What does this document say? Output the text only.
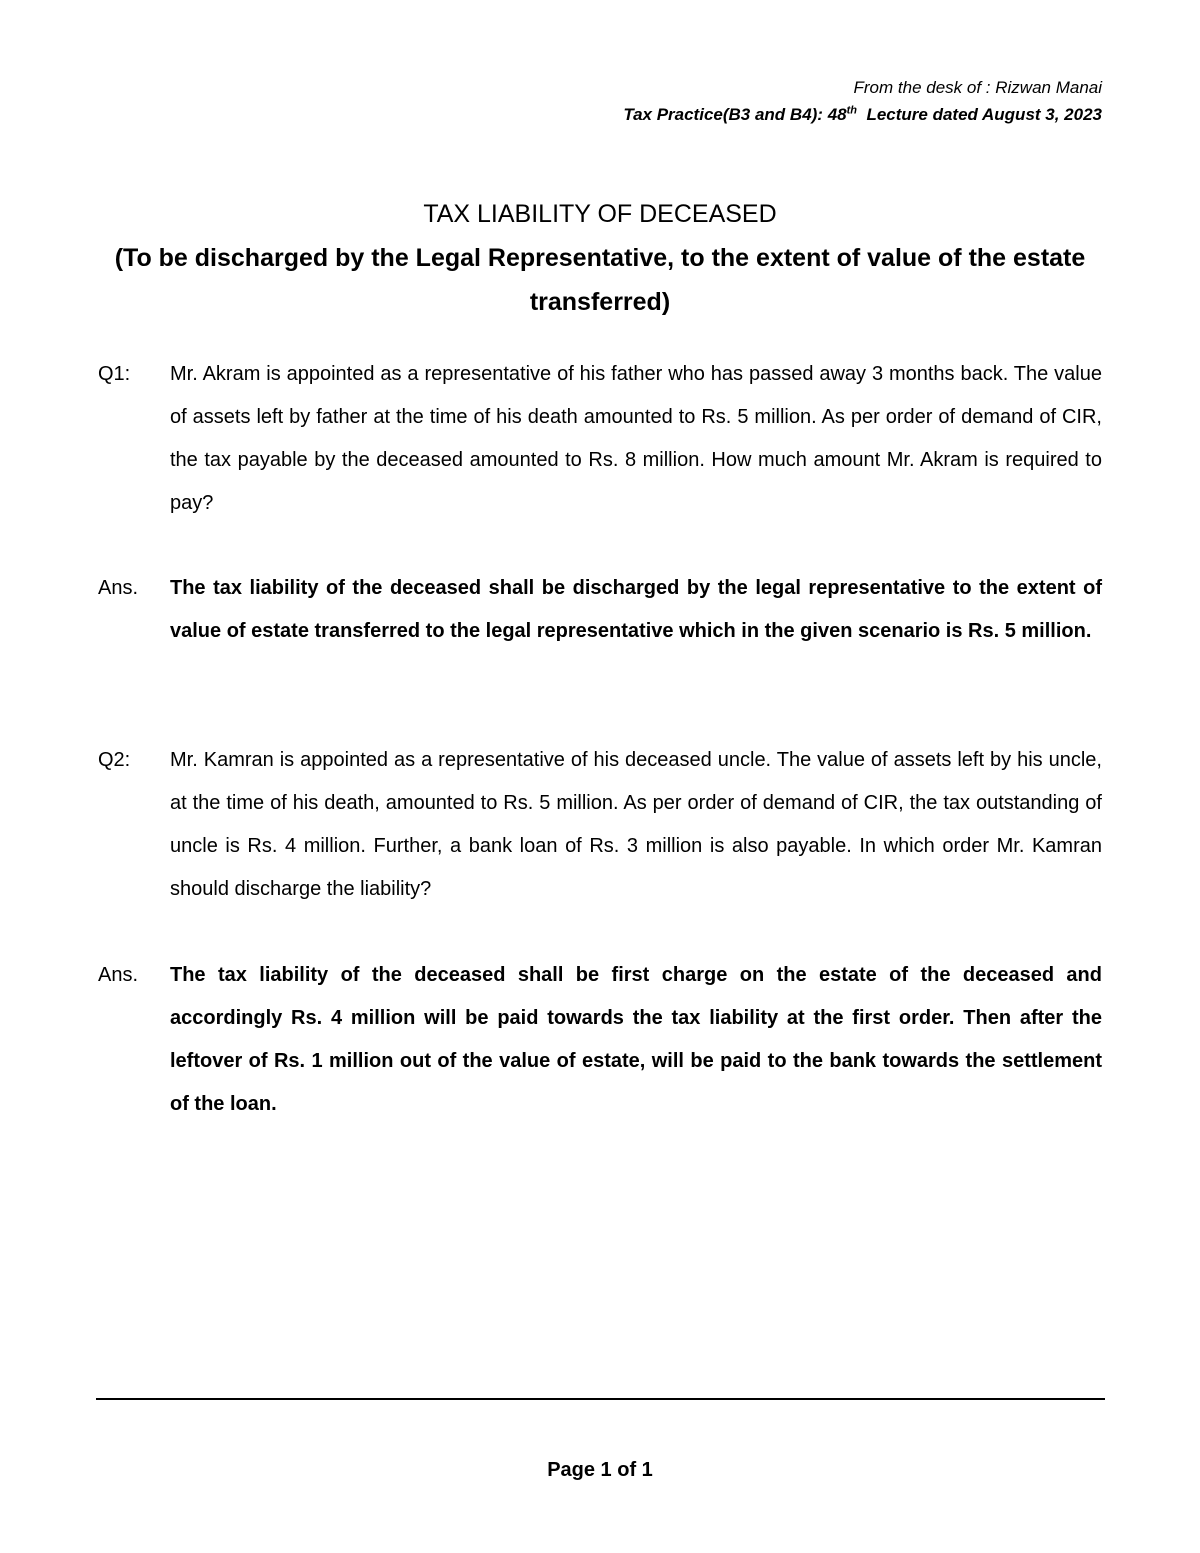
From the desk of : Rizwan Manai
Tax Practice(B3 and B4): 48th  Lecture dated August 3, 2023
TAX LIABILITY OF DECEASED
(To be discharged by the Legal Representative, to the extent of value of the estate transferred)
Q1: Mr. Akram is appointed as a representative of his father who has passed away 3 months back. The value of assets left by father at the time of his death amounted to Rs. 5 million. As per order of demand of CIR, the tax payable by the deceased amounted to Rs. 8 million. How much amount Mr. Akram is required to pay?
Ans. The tax liability of the deceased shall be discharged by the legal representative to the extent of value of estate transferred to the legal representative which in the given scenario is Rs. 5 million.
Q2: Mr. Kamran is appointed as a representative of his deceased uncle. The value of assets left by his uncle, at the time of his death, amounted to Rs. 5 million. As per order of demand of CIR, the tax outstanding of uncle is Rs. 4 million. Further, a bank loan of Rs. 3 million is also payable. In which order Mr. Kamran should discharge the liability?
Ans. The tax liability of the deceased shall be first charge on the estate of the deceased and accordingly Rs. 4 million will be paid towards the tax liability at the first order. Then after the leftover of Rs. 1 million out of the value of estate, will be paid to the bank towards the settlement of the loan.
Page 1 of 1
